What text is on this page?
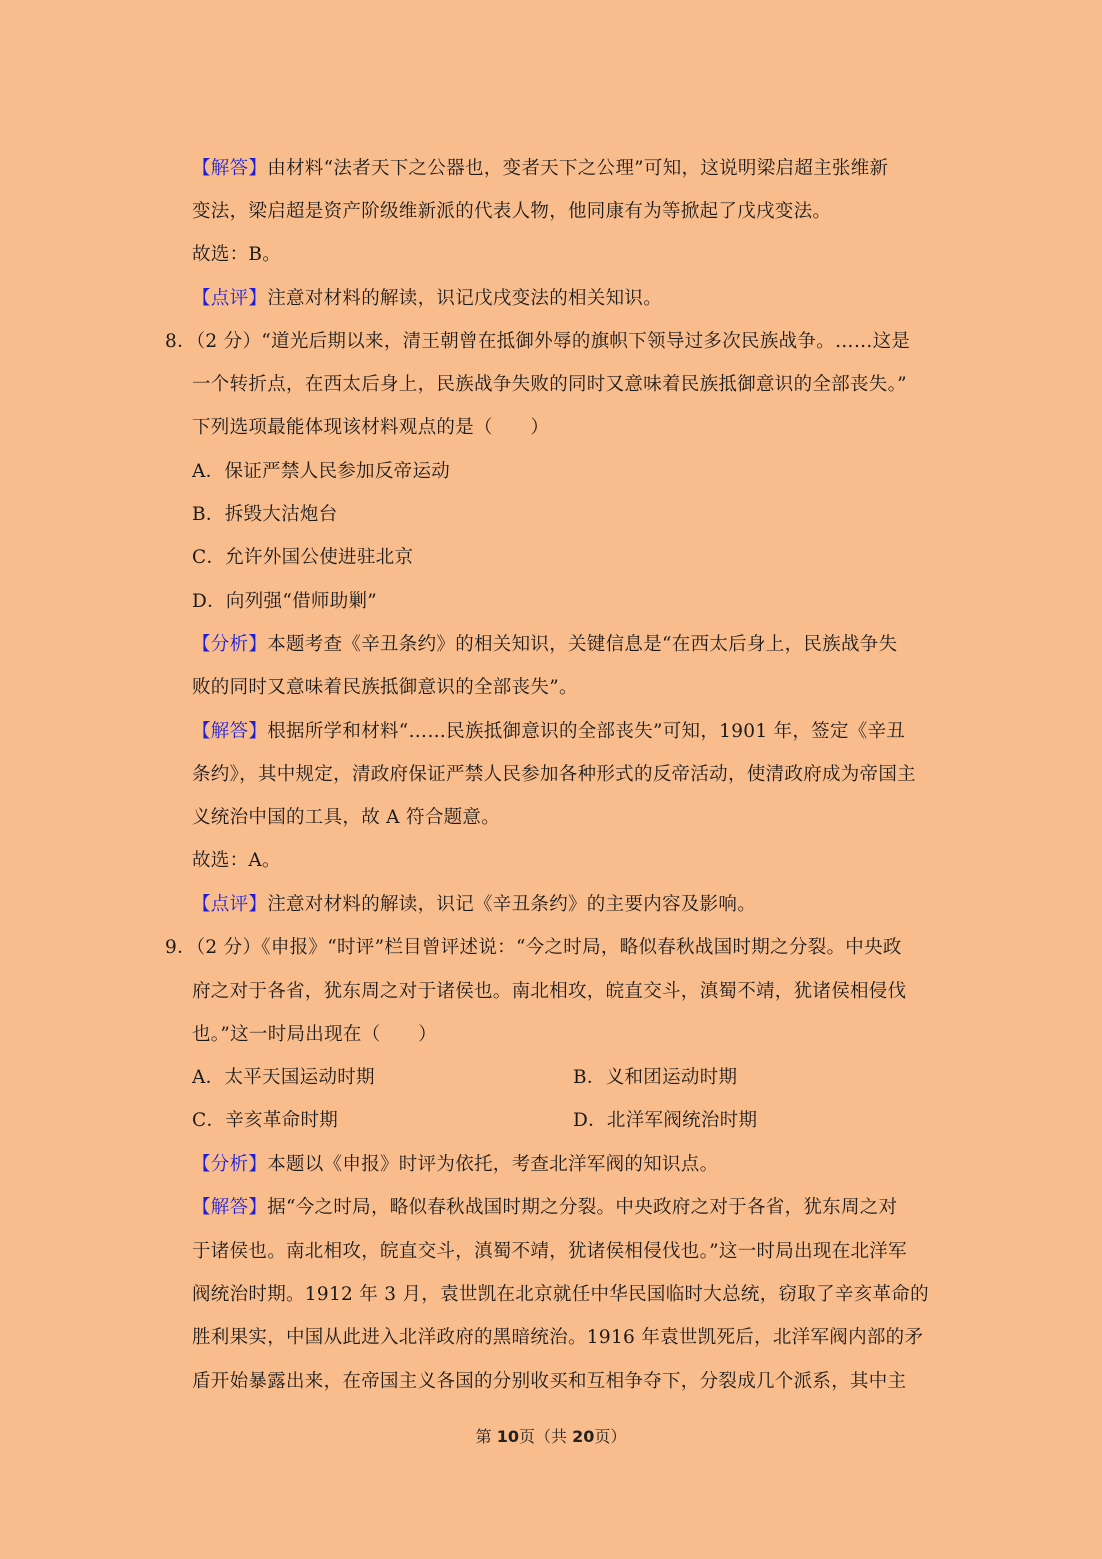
【解答】由材料“法者天下之公器也，变者天下之公理”可知，这说明梁启超主张维新
变法，梁启超是资产阶级维新派的代表人物，他同康有为等掀起了戊戌变法。
故选：B。
【点评】注意对材料的解读，识记戊戌变法的相关知识。
8．（2 分）“道光后期以来，清王朝曾在抵御外辱的旗帜下领导过多次民族战争。……这是
一个转折点，在西太后身上，民族战争失败的同时又意味着民族抵御意识的全部丧失。”
下列选项最能体现该材料观点的是（　　）
A．保证严禁人民参加反帝运动
B．拆毁大沽炮台
C．允许外国公使进驻北京
D．向列强“借师助剿”
【分析】本题考查《辛丑条约》的相关知识，关键信息是“在西太后身上，民族战争失
败的同时又意味着民族抵御意识的全部丧失”。
【解答】根据所学和材料“……民族抵御意识的全部丧失”可知，1901 年，签定《辛丑
条约》，其中规定，清政府保证严禁人民参加各种形式的反帝活动，使清政府成为帝国主
义统治中国的工具，故 A 符合题意。
故选：A。
【点评】注意对材料的解读，识记《辛丑条约》的主要内容及影响。
9．（2 分）《申报》“时评”栏目曾评述说：“今之时局，略似春秋战国时期之分裂。中央政
府之对于各省，犹东周之对于诸侯也。南北相攻，皖直交斗，滇蜀不靖，犹诸侯相侵伐
也。”这一时局出现在（　　）
A．太平天国运动时期	B．义和团运动时期
C．辛亥革命时期	D．北洋军阀统治时期
【分析】本题以《申报》时评为依托，考查北洋军阀的知识点。
【解答】据“今之时局，略似春秋战国时期之分裂。中央政府之对于各省，犹东周之对
于诸侯也。南北相攻，皖直交斗，滇蜀不靖，犹诸侯相侵伐也。”这一时局出现在北洋军
阀统治时期。1912 年 3 月，袁世凯在北京就任中华民国临时大总统，窃取了辛亥革命的
胜利果实，中国从此进入北洋政府的黑暗统治。1916 年袁世凯死后，北洋军阀内部的矛
盾开始暴露出来，在帝国主义各国的分别收买和互相争夺下，分裂成几个派系，其中主
第 10页（共 20页）
